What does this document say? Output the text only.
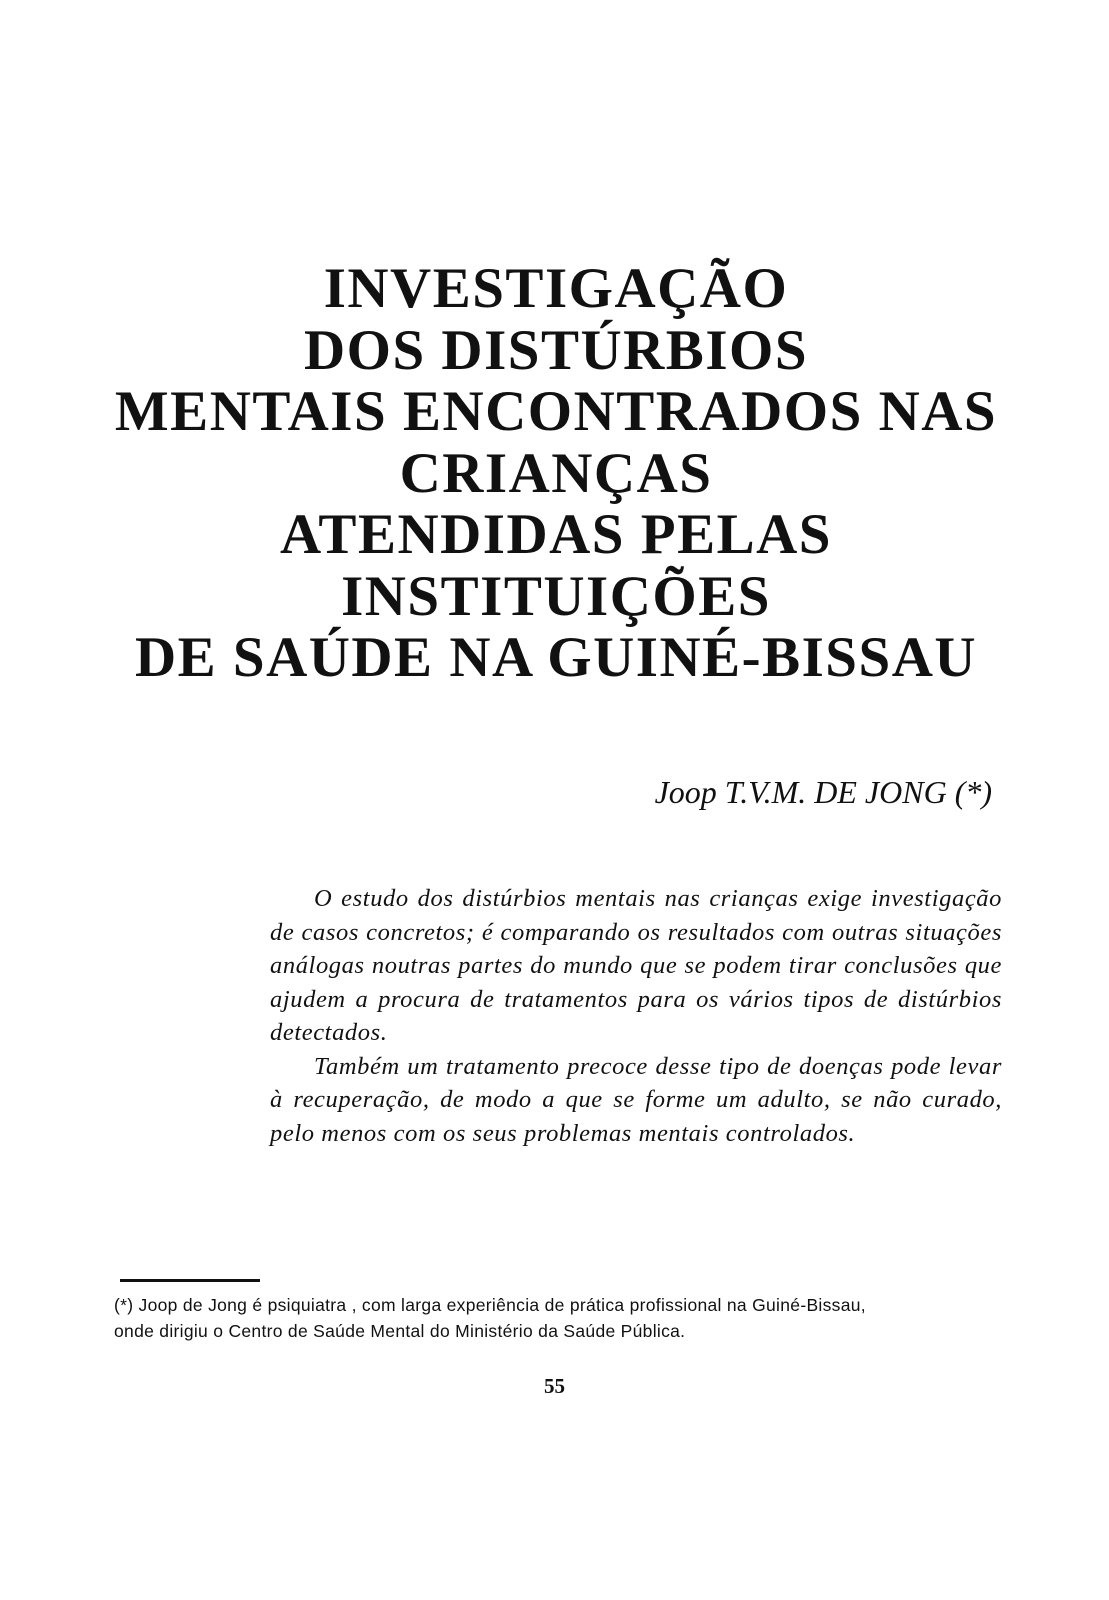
INVESTIGAÇÃO
DOS DISTÚRBIOS
MENTAIS ENCONTRADOS NAS
CRIANÇAS
ATENDIDAS PELAS
INSTITUIÇÕES
DE SAÚDE NA GUINÉ-BISSAU
Joop T.V.M. DE JONG (*)

O estudo dos distúrbios mentais nas crianças exige investigação de casos concretos; é comparando os resultados com outras situações análogas noutras partes do mundo que se podem tirar conclusões que ajudem a procura de tratamentos para os vários tipos de distúrbios detectados.

Também um tratamento precoce desse tipo de doenças pode levar à recuperação, de modo a que se forme um adulto, se não curado, pelo menos com os seus problemas mentais controlados.

(*) Joop de Jong é psiquiatra , com larga experiência de prática profissional na Guiné-Bissau,
onde dirigiu o Centro de Saúde Mental do Ministério da Saúde Pública.
55
